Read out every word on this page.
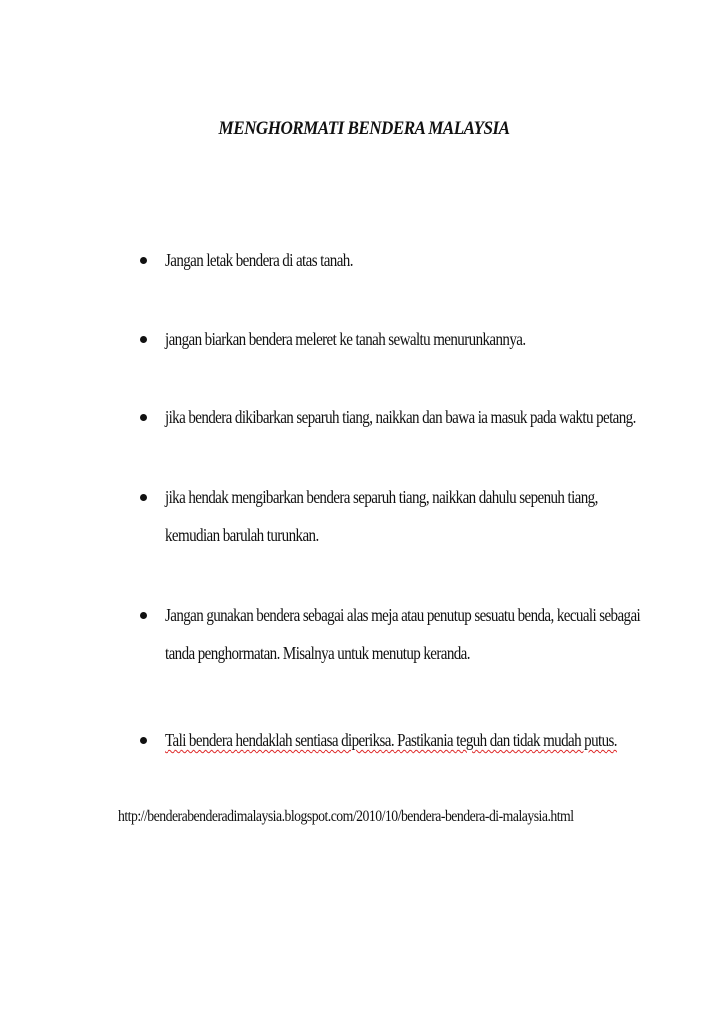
MENGHORMATI BENDERA MALAYSIA
Jangan letak bendera di atas tanah.
jangan biarkan bendera meleret ke tanah sewaltu menurunkannya.
jika bendera dikibarkan separuh tiang, naikkan dan bawa ia masuk pada waktu petang.
jika hendak mengibarkan bendera separuh tiang, naikkan dahulu sepenuh tiang,
kemudian barulah turunkan.
Jangan gunakan bendera sebagai alas meja atau penutup sesuatu benda, kecuali sebagai
tanda penghormatan. Misalnya untuk menutup keranda.
Tali bendera hendaklah sentiasa diperiksa. Pastikania teguh dan tidak mudah putus.
http://benderabenderadimalaysia.blogspot.com/2010/10/bendera-bendera-di-malaysia.html
